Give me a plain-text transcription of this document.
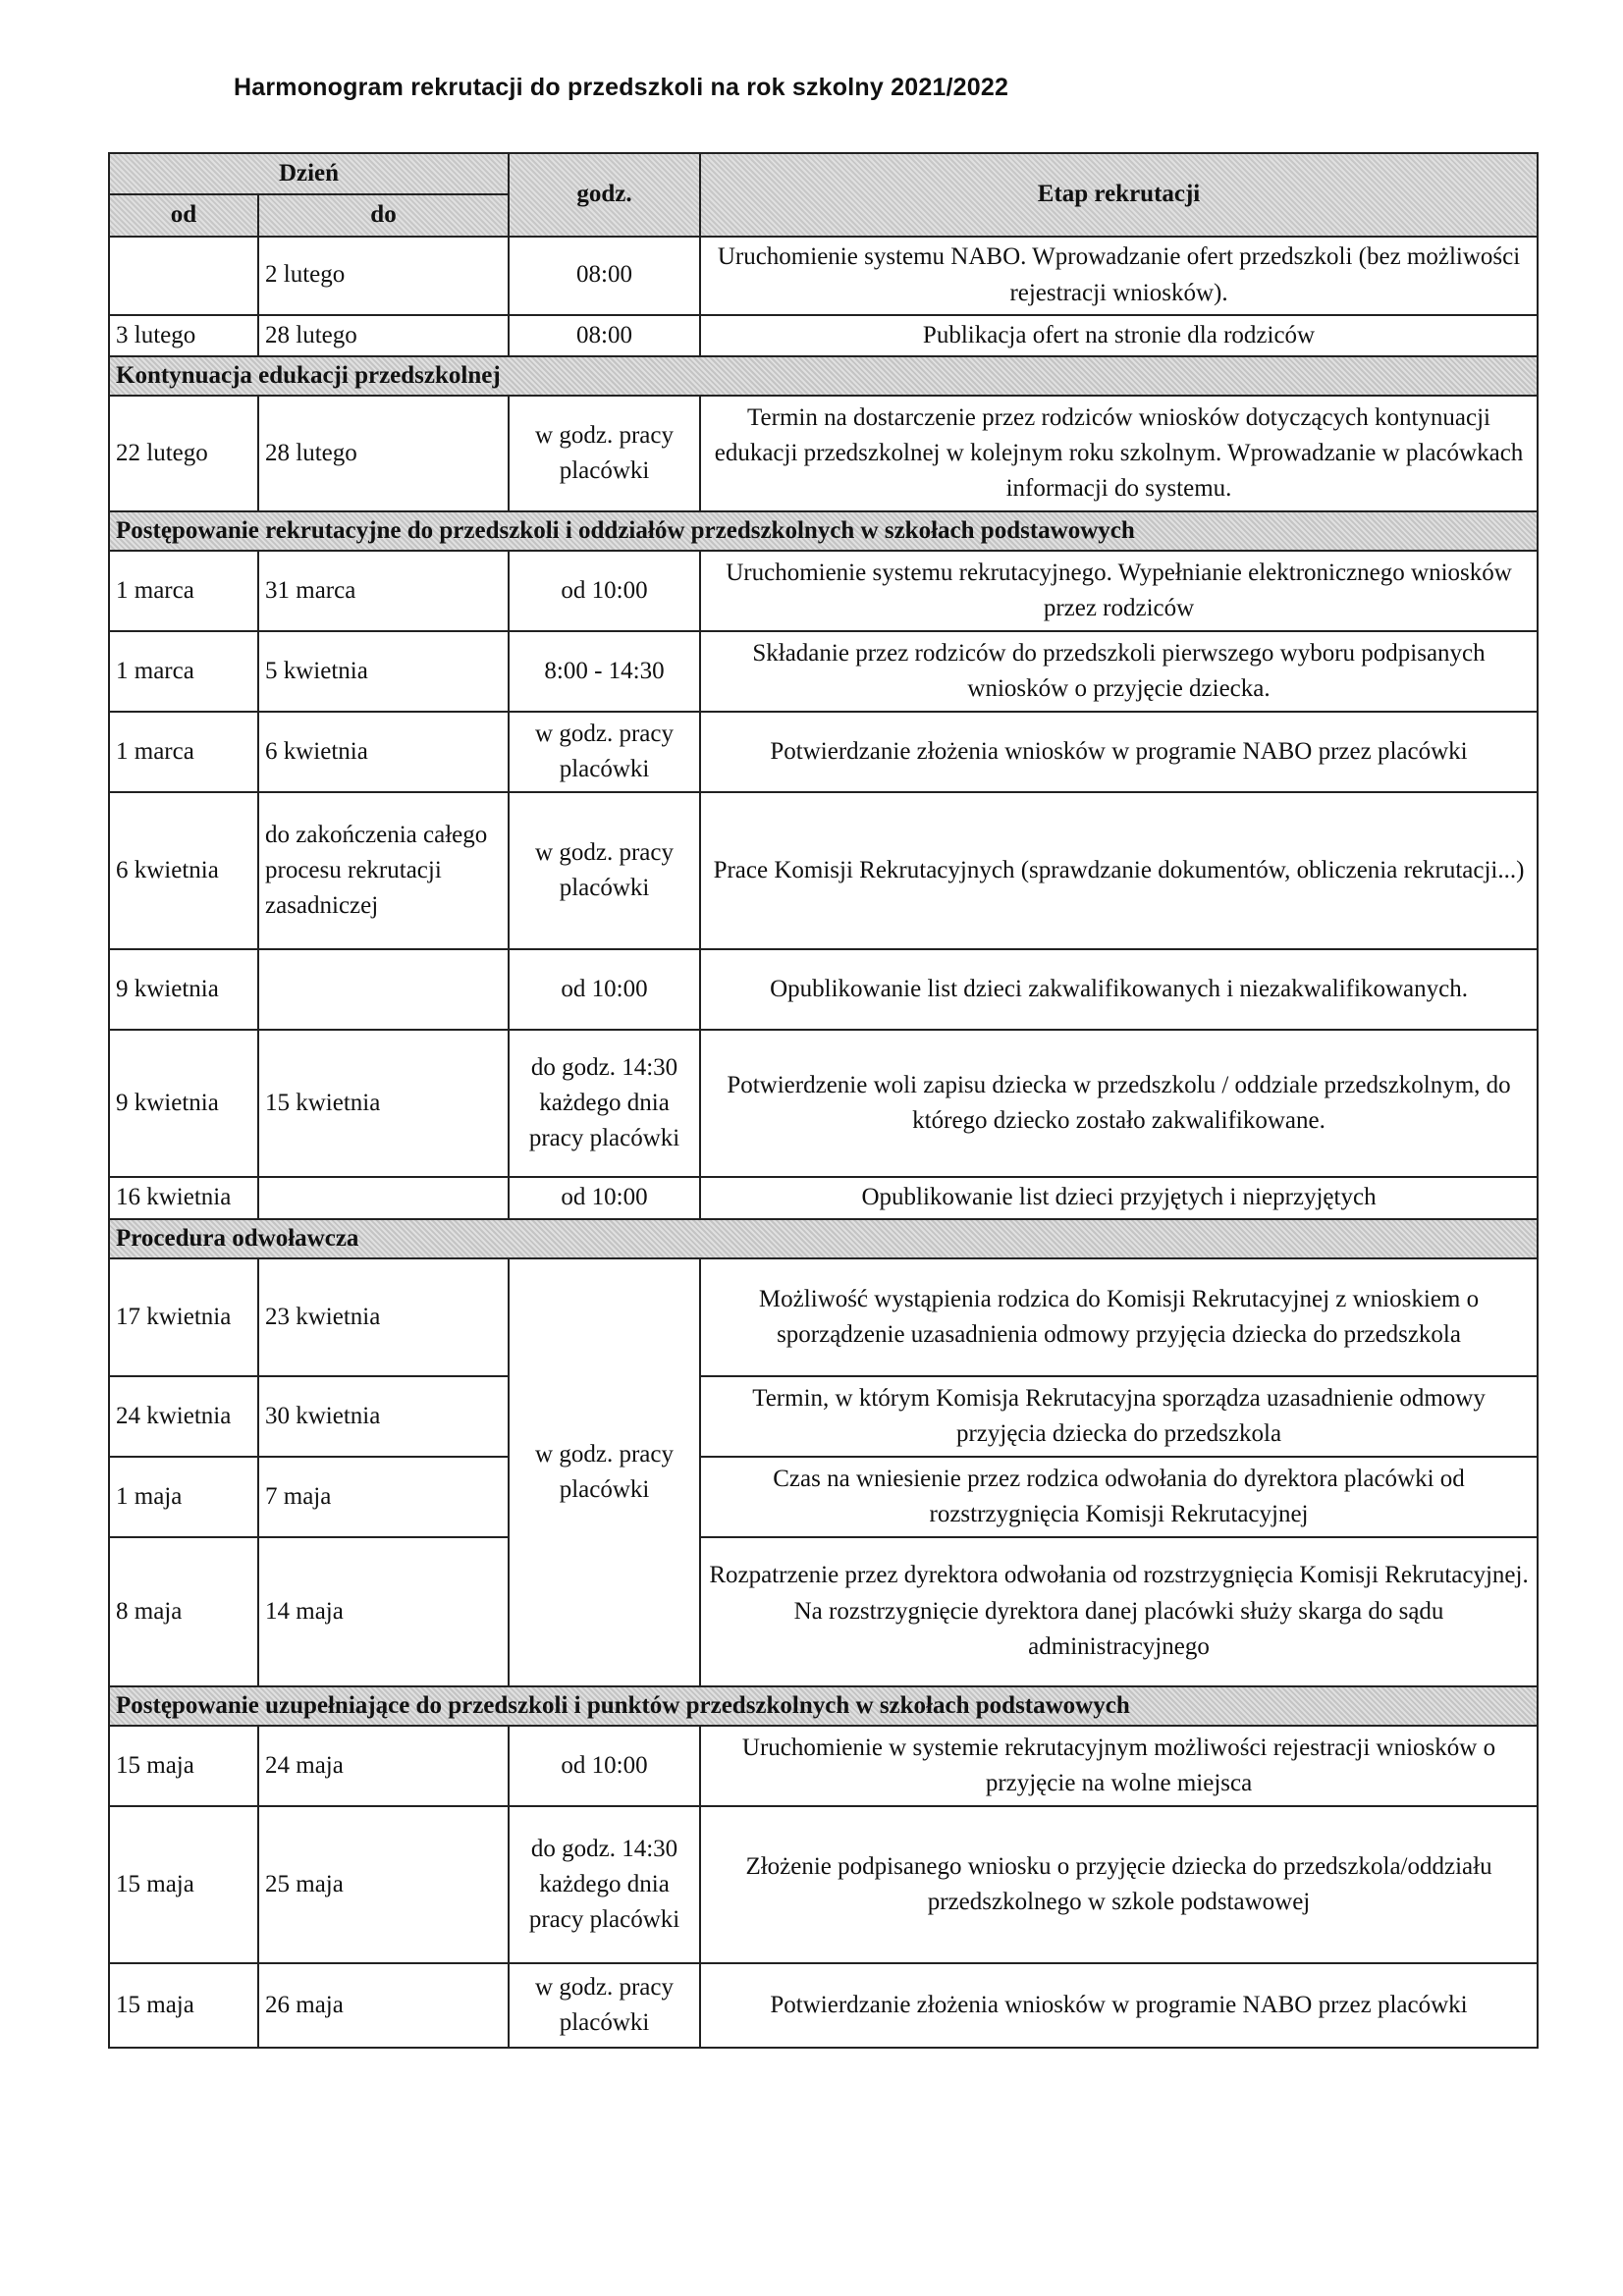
Harmonogram rekrutacji do przedszkoli na rok szkolny 2021/2022
Dzień		godz.	Etap rekrutacji
od	do		
	2 lutego	08:00	Uruchomienie systemu NABO. Wprowadzanie ofert przedszkoli (bez możliwości rejestracji wniosków).
3 lutego	28 lutego	08:00	Publikacja ofert na stronie dla rodziców
Kontynuacja edukacji przedszkolnej			
22 lutego	28 lutego	w godz. pracy placówki	Termin na dostarczenie przez rodziców wniosków dotyczących kontynuacji edukacji przedszkolnej w kolejnym roku szkolnym. Wprowadzanie w placówkach informacji do systemu.
Postępowanie rekrutacyjne do przedszkoli i oddziałów przedszkolnych w szkołach podstawowych			
1 marca	31 marca	od 10:00	Uruchomienie systemu rekrutacyjnego. Wypełnianie elektronicznego wniosków przez rodziców
1 marca	5 kwietnia	8:00 - 14:30	Składanie przez rodziców do przedszkoli pierwszego wyboru podpisanych wniosków o przyjęcie dziecka.
1 marca	6 kwietnia	w godz. pracy placówki	Potwierdzanie złożenia wniosków w programie NABO przez placówki
6 kwietnia	do zakończenia całego procesu rekrutacji zasadniczej	w godz. pracy placówki	Prace Komisji Rekrutacyjnych (sprawdzanie dokumentów, obliczenia rekrutacji...)
9 kwietnia		od 10:00	Opublikowanie list dzieci zakwalifikowanych i niezakwalifikowanych.
9 kwietnia	15 kwietnia	do godz. 14:30 każdego dnia pracy placówki	Potwierdzenie woli zapisu dziecka w przedszkolu / oddziale przedszkolnym, do którego dziecko zostało zakwalifikowane.
16 kwietnia		od 10:00	Opublikowanie list dzieci przyjętych i nieprzyjętych
Procedura odwoławcza			
17 kwietnia	23 kwietnia	w godz. pracy placówki	Możliwość wystąpienia rodzica do Komisji Rekrutacyjnej z wnioskiem o sporządzenie uzasadnienia odmowy przyjęcia dziecka do przedszkola
24 kwietnia	30 kwietnia		Termin, w którym Komisja Rekrutacyjna sporządza uzasadnienie odmowy przyjęcia dziecka do przedszkola
1 maja	7 maja		Czas na wniesienie przez rodzica odwołania do dyrektora placówki od rozstrzygnięcia Komisji Rekrutacyjnej
8 maja	14 maja		Rozpatrzenie przez dyrektora odwołania od rozstrzygnięcia Komisji Rekrutacyjnej. Na rozstrzygnięcie dyrektora danej placówki służy skarga do sądu administracyjnego
Postępowanie uzupełniające do przedszkoli i punktów przedszkolnych w szkołach podstawowych			
15 maja	24 maja	od 10:00	Uruchomienie w systemie rekrutacyjnym możliwości rejestracji wniosków o przyjęcie na wolne miejsca
15 maja	25 maja	do godz. 14:30 każdego dnia pracy placówki	Złożenie podpisanego wniosku o przyjęcie dziecka do przedszkola/oddziału przedszkolnego w szkole podstawowej
15 maja	26 maja	w godz. pracy placówki	Potwierdzanie złożenia wniosków w programie NABO przez placówki
